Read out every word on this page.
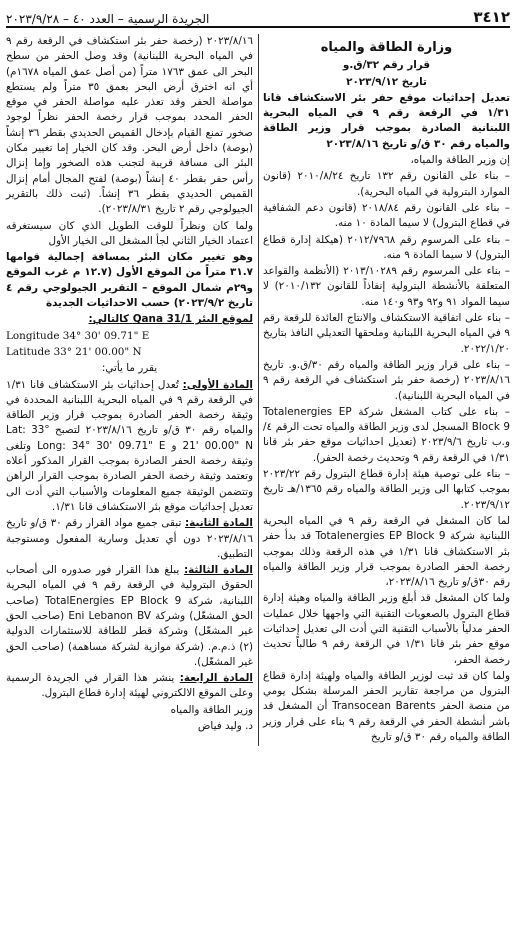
٣٤١٢
الجريدة الرسمية – العدد ٤٠ – ٢٠٢٣/٩/٢٨
وزارة الطاقة والمياه

قرار رقم ٣٢/ق.و

تاريخ ٢٠٢٣/٩/١٢

تعديل إحداثيات موقع حفر بئر الاستكشاف قانا ١/٣١ في الرقعة رقم ٩ في المياه البحرية اللبنانية الصادرة بموجب قرار وزير الطاقة والمياه رقم ٣٠ ق/و تاريخ ٢٠٢٣/٨/١٦

إن وزير الطاقة والمياه،

– بناء على القانون رقم ١٣٢ تاريخ ٢٠١٠/٨/٢٤ (قانون الموارد البترولية في المياه البحرية).

– بناء على القانون رقم ٢٠١٨/٨٤ (قانون دعم الشفافية في قطاع البترول) لا سيما المادة ١٠ منه.

– بناء على المرسوم رقم ٢٠١٢/٧٩٦٨ (هيكلة إدارة قطاع البترول) لا سيما المادة ٩ منه.

– بناء على المرسوم رقم ٢٠١٣/١٠٢٨٩ (الأنظمة والقواعد المتعلقة بالأنشطة البترولية إنفاذاً للقانون ٢٠١٠/١٣٢) لا سيما المواد ٩١ و٩٢ و٩٣ و١٤٠ منه.

– بناء على اتفاقية الاستكشاف والانتاج العائدة للرقعة رقم ٩ في المياه البحرية اللبنانية وملحقها التعديلي النافذ بتاريخ ٢٠٢٢/١/٢٠.

– بناء على قرار وزير الطاقة والمياه رقم ٣٠/ق.و. تاريخ ٢٠٢٣/٨/١٦ (رخصة حفر بئر استكشاف في الرقعة رقم ٩ في المياه البحرية اللبنانية).

– بناء على كتاب المشغل شركة Totalenergies EP Block 9 المسجل لدى وزير الطاقة والمياه تحت الرقم ٤/و.ب تاريخ ٢٠٢٣/٩/٦ (تعديل احداثيات موقع حفر بئر قانا ١/٣١ في الرقعة رقم ٩ وتحديث رخصة الحفر).

– بناء على توصية هيئة إدارة قطاع البترول رقم ٢٠٢٣/٢٢ بموجب كتابها الى وزير الطاقة والمياه رقم ١٣٦٥/هـ تاريخ ٢٠٢٣/٩/١٢.

لما كان المشغل في الرقعة رقم ٩ في المياه البحرية اللبنانية شركة Totalenergies EP Block 9 قد بدأ حفر بئر الاستكشاف قانا ١/٣١ في هذه الرقعة وذلك بموجب رخصة الحفر الصادرة بموجب قرار وزير الطاقة والمياه رقم ٣٠ق/و تاريخ ٢٠٢٣/٨/١٦،

ولما كان المشغل قد أبلغ وزير الطاقة والمياه وهيئة إدارة قطاع البترول بالصعوبات التقنية التي واجهها خلال عمليات الحفر مدلياً بالأسباب التقنية التي أدت الى تعديل إحداثيات موقع حفر بئر قانا ١/٣١ في الرقعة رقم ٩ طالباً تحديث رخصة الحفر،

ولما كان قد ثبت لوزير الطاقة والمياه ولهيئة إدارة قطاع البترول من مراجعة تقارير الحفر المرسلة بشكل يومي من منصة الحفر Transocean Barents أن المشغل قد باشر أنشطة الحفر في الرقعة رقم ٩ بناء على قرار وزير الطاقة والمياه رقم ٣٠ ق/و تاريخ

٢٠٢٣/٨/١٦ (رخصة حفر بئر استكشاف في الرقعة رقم ٩ في المياه البحرية اللبنانية) وقد وصل الحفر من سطح البحر الى عمق ١٧٦٣ متراً (من أصل عمق المياه ١٦٧٨م) أي انه اخترق أرض البحر بعمق ٣٥ متراً ولم يستطع مواصلة الحفر وقد تعذر عليه مواصلة الحفر في موقع الحفر المحدد بموجب قرار رخصة الحفر نظراً لوجود صخور تمنع القيام بإدخال القميص الحديدي بقطر ٣٦ إنشاً (بوصة) داخل أرض البحر. وقد كان الخيار إما تغيير مكان البئر الى مسافة قريبة لتجنب هذه الصخور وإما إنزال رأس حفر بقطر ٤٠ إنشاً (بوصة) لفتح المجال أمام إنزال القميص الحديدي بقطر ٣٦ إنشاً. (ثبت ذلك بالتقرير الجيولوجي رقم ٢ تاريخ ٢٠٢٣/٨/٣١).

ولما كان ونظراً للوقت الطويل الذي كان سيستغرقه اعتماد الخيار الثاني لجأ المشغل الى الخيار الأول

وهو تغيير مكان البئر بمسافة إجمالية قوامها ٣١.٧ متراً من الموقع الأول (١٢.٧ م غرب الموقع و٢٩م شمال الموقع – التقرير الجيولوجي رقم ٤ تاريخ ٢٠٢٣/٩/٢) حسب الاحداثيات الجديدة

لموقع البئر Qana 31/1 كالتالي:

Longitude 34° 30' 09.71" E

Latitude 33° 21' 00.00" N

يقرر ما يأتي:

المادة الأولى: تُعدل إحداثيات بئر الاستكشاف قانا ١/٣١ في الرقعة رقم ٩ في المياه البحرية اللبنانية المحددة في وثيقة رخصة الحفر الصادرة بموجب قرار وزير الطاقة والمياه رقم ٣٠ ق/و تاريخ ٢٠٢٣/٨/١٦ لتصبح Lat: 33° 21' 00.00" N و Long: 34° 30' 09.71" E وتلغى وثيقة رخصة الحفر الصادرة بموجب القرار المذكور أعلاه وتعتمد وثيقة رخصة الحفر الصادرة بموجب القرار الراهن وتتضمن الوثيقة جميع المعلومات والأسباب التي أدت الى تعديل إحداثيات موقع بئر الاستكشاف قانا ١/٣١.

المادة الثانية: تبقى جميع مواد القرار رقم ٣٠ ق/و تاريخ ٢٠٢٣/٨/١٦ دون أي تعديل وسارية المفعول ومستوجبة التطبيق.

المادة الثالثة: يبلغ هذا القرار فور صدوره الى أصحاب الحقوق البترولية في الرقعة رقم ٩ في المياه البحرية اللبنانية، شركة TotalEnergies EP Block 9 (صاحب الحق المشغّل) وشركة Eni Lebanon BV (صاحب الحق غير المشغّل) وشركة قطر للطاقة للاستثمارات الدولية (٢) ذ.م.م. (شركة موازية لشركة مساهمة) (صاحب الحق غير المشغّل).

المادة الرابعة: ينشر هذا القرار في الجريدة الرسمية وعلى الموقع الالكتروني لهيئة إدارة قطاع البترول.

وزير الطاقة والمياه

د. وليد فياض
